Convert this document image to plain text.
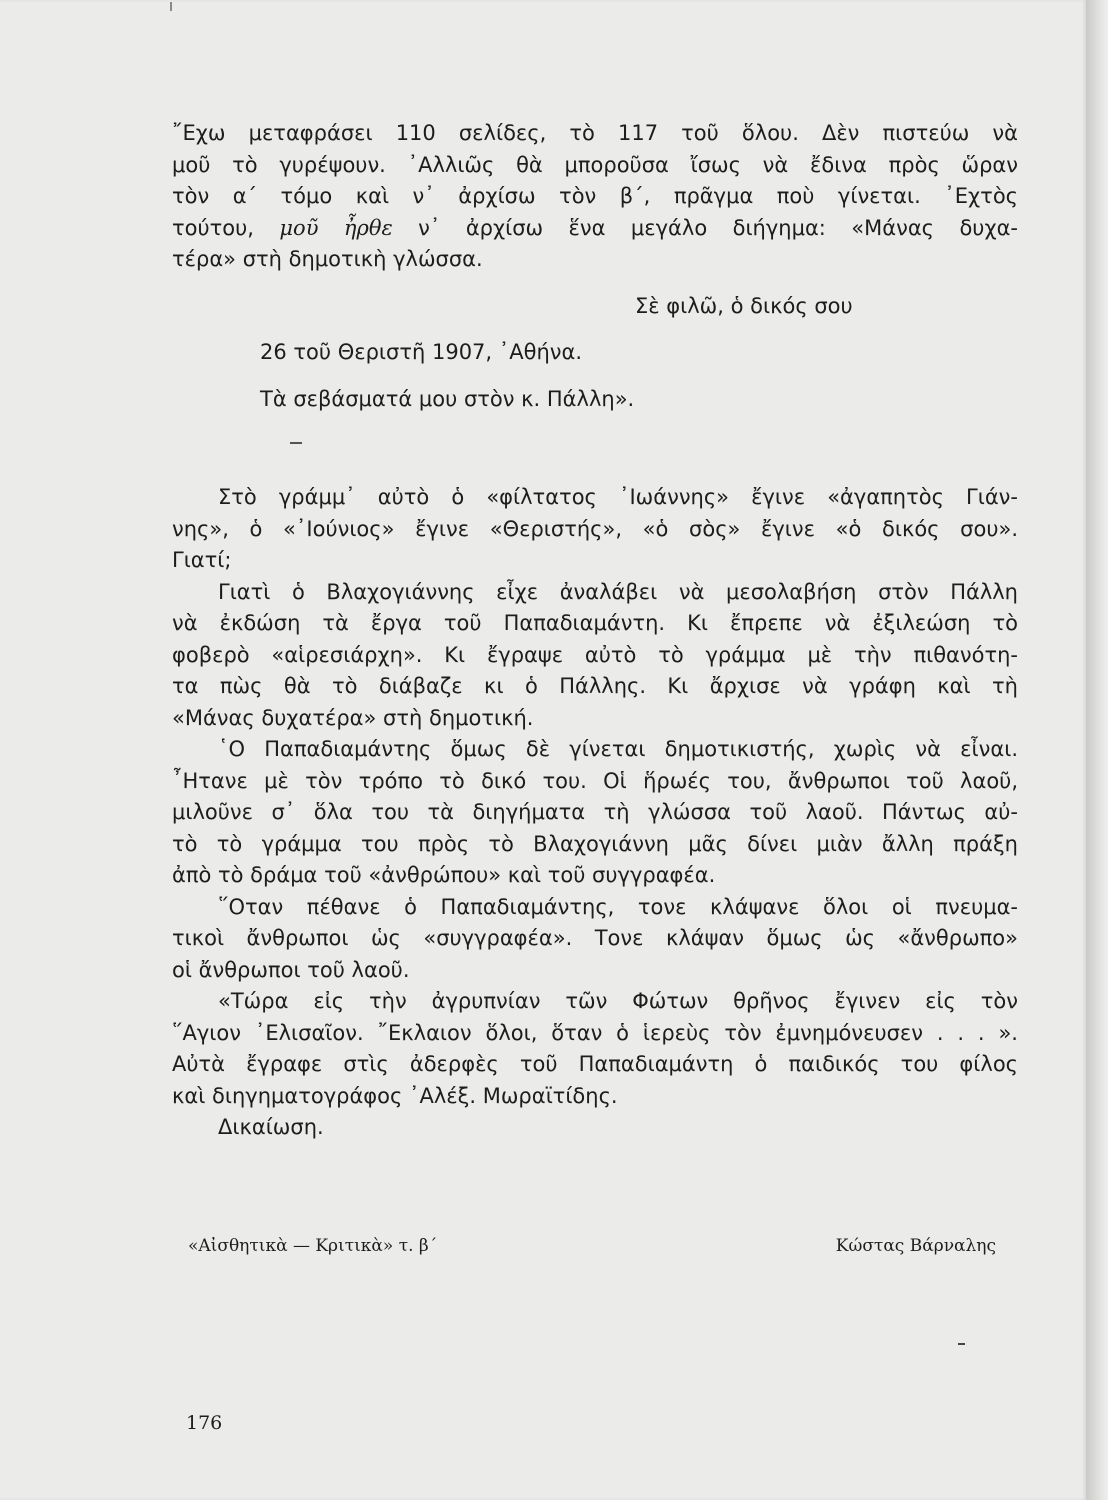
῎Εχω μεταφράσει 110 σελίδες, τὸ 117 τοῦ ὅλου. Δὲν πιστεύω νὰ
μοῦ τὸ γυρέψουν. ᾿Αλλιῶς θὰ μποροῦσα ἴσως νὰ ἔδινα πρὸς ὥραν
τὸν α΄ τόμο καὶ ν᾿ ἀρχίσω τὸν β΄, πρᾶγμα ποὺ γίνεται. ᾿Εχτὸς
τούτου, μοῦ ἦρθε ν᾿ ἀρχίσω ἕνα μεγάλο διήγημα: «Μάνας δυχα-
τέρα» στὴ δημοτικὴ γλώσσα.
Σὲ φιλῶ, ὁ δικός σου
26 τοῦ Θεριστῆ 1907, ᾿Αθήνα.
Τὰ σεβάσματά μου στὸν κ. Πάλλη».
Στὸ γράμμ᾿ αὐτὸ ὁ «φίλτατος ᾿Ιωάννης» ἔγινε «ἀγαπητὸς Γιάν-
νης», ὁ «᾿Ιούνιος» ἔγινε «Θεριστής», «ὁ σὸς» ἔγινε «ὁ δικός σου».
Γιατί;
Γιατὶ ὁ Βλαχογιάννης εἶχε ἀναλάβει νὰ μεσολαβήση στὸν Πάλλη
νὰ ἐκδώση τὰ ἔργα τοῦ Παπαδιαμάντη. Κι ἔπρεπε νὰ ἐξιλεώση τὸ
φοβερὸ «αἱρεσιάρχη». Κι ἔγραψε αὐτὸ τὸ γράμμα μὲ τὴν πιθανότη-
τα πὼς θὰ τὸ διάβαζε κι ὁ Πάλλης. Κι ἄρχισε νὰ γράφη καὶ τὴ
«Μάνας δυχατέρα» στὴ δημοτική.
῾Ο Παπαδιαμάντης ὅμως δὲ γίνεται δημοτικιστής, χωρὶς νὰ εἶναι.
῏Ητανε μὲ τὸν τρόπο τὸ δικό του. Οἱ ἥρωές του, ἄνθρωποι τοῦ λαοῦ,
μιλοῦνε σ᾿ ὅλα του τὰ διηγήματα τὴ γλώσσα τοῦ λαοῦ. Πάντως αὐ-
τὸ τὸ γράμμα του πρὸς τὸ Βλαχογιάννη μᾶς δίνει μιὰν ἄλλη πράξη
ἀπὸ τὸ δράμα τοῦ «ἀνθρώπου» καὶ τοῦ συγγραφέα.
῞Οταν πέθανε ὁ Παπαδιαμάντης, τονε κλάψανε ὅλοι οἱ πνευμα-
τικοὶ ἄνθρωποι ὡς «συγγραφέα». Τονε κλάψαν ὅμως ὡς «ἄνθρωπο»
οἱ ἄνθρωποι τοῦ λαοῦ.
«Τώρα εἰς τὴν ἀγρυπνίαν τῶν Φώτων θρῆνος ἔγινεν εἰς τὸν
῞Αγιον ᾿Ελισαῖον. ῎Εκλαιον ὅλοι, ὅταν ὁ ἱερεὺς τὸν ἐμνημόνευσεν . . . ».
Αὐτὰ ἔγραφε στὶς ἀδερφὲς τοῦ Παπαδιαμάντη ὁ παιδικός του φίλος
καὶ διηγηματογράφος ᾿Αλέξ. Μωραϊτίδης.
Δικαίωση.
«Αἰσθητικὰ — Κριτικὰ» τ. β΄	Κώστας Βάρναλης
176
